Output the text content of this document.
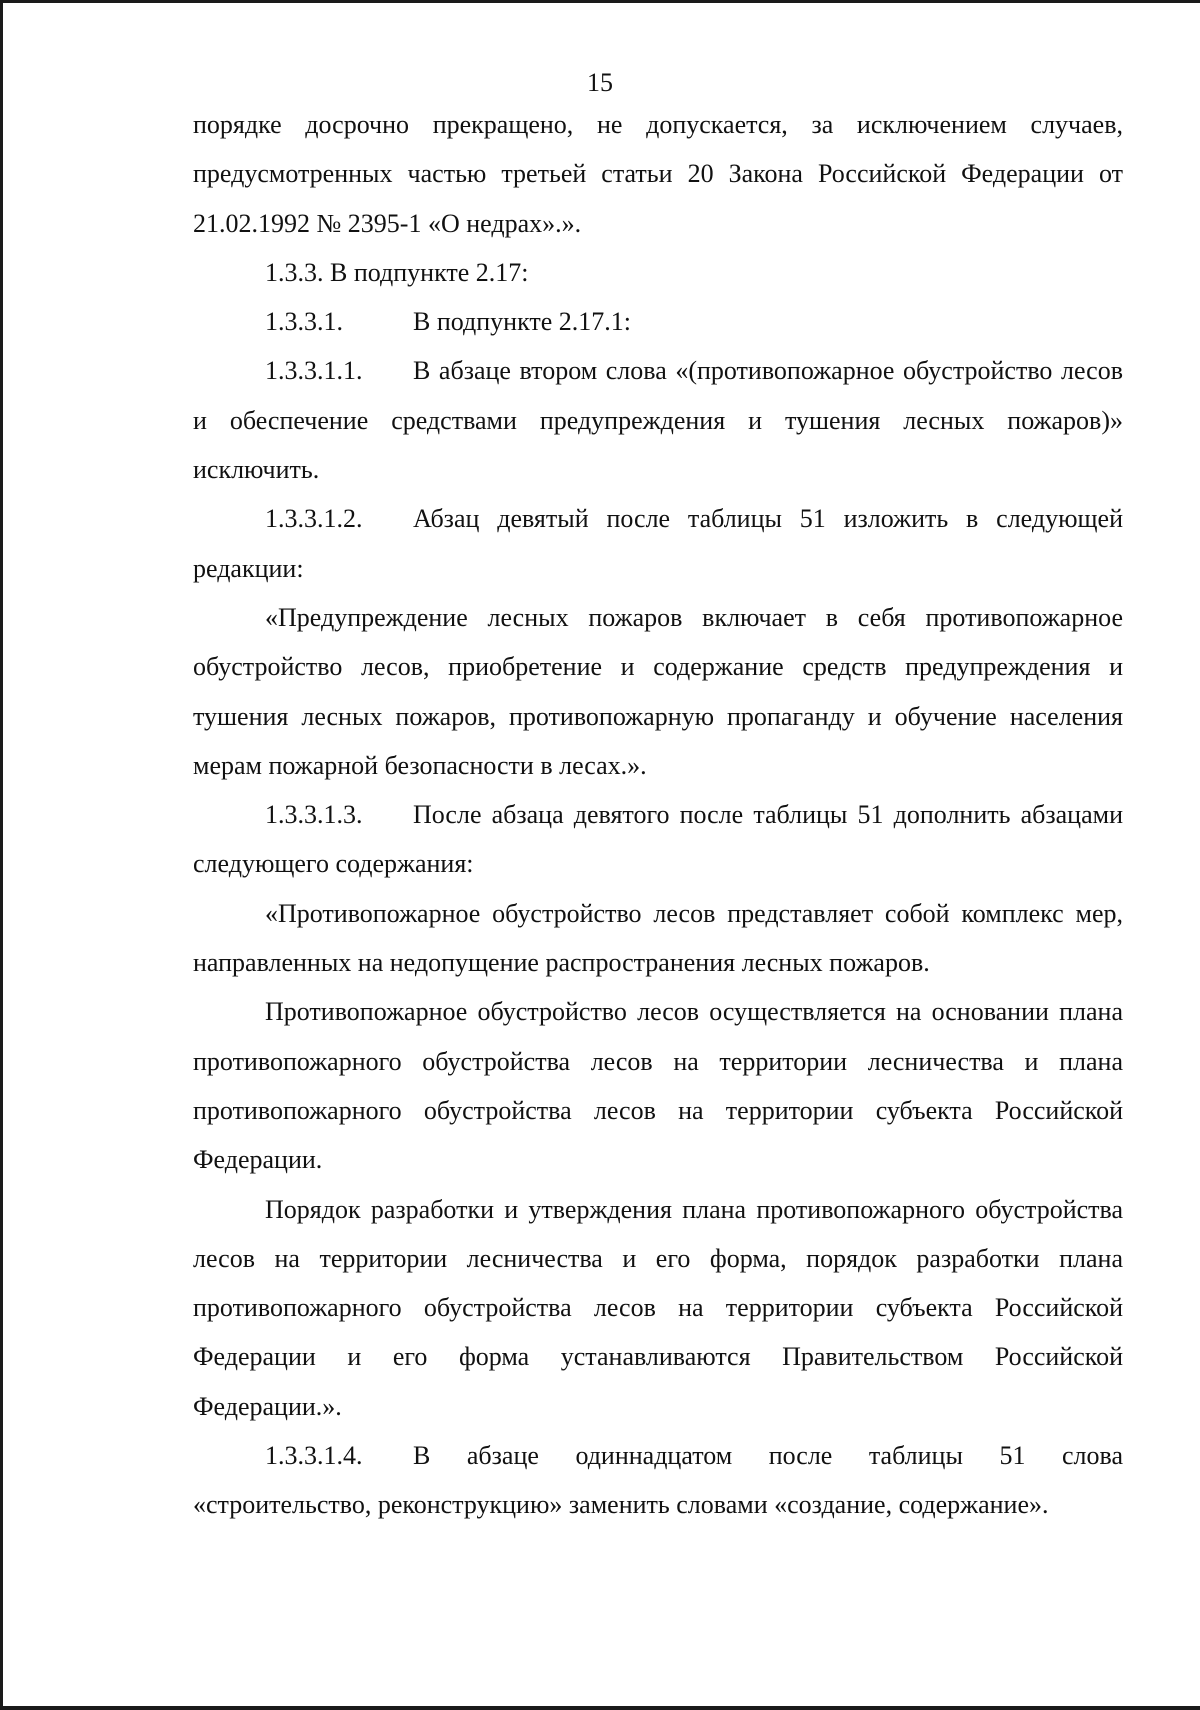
15

порядке досрочно прекращено, не допускается, за исключением случаев, предусмотренных частью третьей статьи 20 Закона Российской Федерации от 21.02.1992 № 2395-1 «О недрах».».

1.3.3. В подпункте 2.17:

1.3.3.1.	В подпункте 2.17.1:

1.3.3.1.1. В абзаце втором слова «(противопожарное обустройство лесов и обеспечение средствами предупреждения и тушения лесных пожаров)» исключить.

1.3.3.1.2. Абзац девятый после таблицы 51 изложить в следующей редакции:

«Предупреждение лесных пожаров включает в себя противопожарное обустройство лесов, приобретение и содержание средств предупреждения и тушения лесных пожаров, противопожарную пропаганду и обучение населения мерам пожарной безопасности в лесах.».

1.3.3.1.3. После абзаца девятого после таблицы 51 дополнить абзацами следующего содержания:

«Противопожарное обустройство лесов представляет собой комплекс мер, направленных на недопущение распространения лесных пожаров.

Противопожарное обустройство лесов осуществляется на основании плана противопожарного обустройства лесов на территории лесничества и плана противопожарного обустройства лесов на территории субъекта Российской Федерации.

Порядок разработки и утверждения плана противопожарного обустройства лесов на территории лесничества и его форма, порядок разработки плана противопожарного обустройства лесов на территории субъекта Российской Федерации и его форма устанавливаются Правительством Российской Федерации.».

1.3.3.1.4. В абзаце одиннадцатом после таблицы 51 слова «строительство, реконструкцию» заменить словами «создание, содержание».
